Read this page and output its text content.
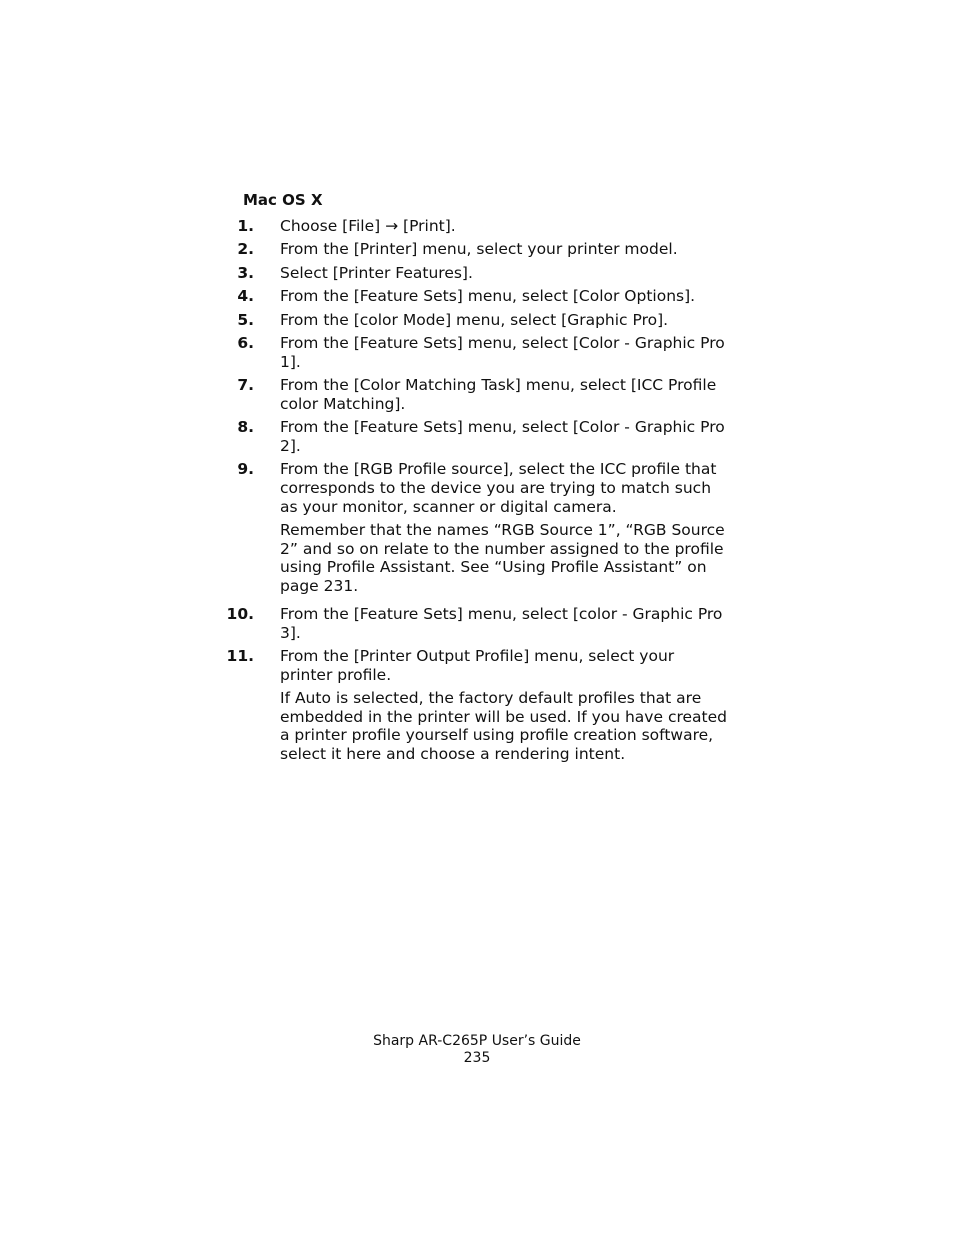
Mac OS X
1. Choose [File] → [Print].

2. From the [Printer] menu, select your printer model.

3. Select [Printer Features].

4. From the [Feature Sets] menu, select [Color Options].

5. From the [color Mode] menu, select [Graphic Pro].

6. From the [Feature Sets] menu, select [Color - Graphic Pro 1].

7. From the [Color Matching Task] menu, select [ICC Profile color Matching].

8. From the [Feature Sets] menu, select [Color - Graphic Pro 2].

9. From the [RGB Profile source], select the ICC profile that corresponds to the device you are trying to match such as your monitor, scanner or digital camera.

Remember that the names “RGB Source 1”, “RGB Source 2” and so on relate to the number assigned to the profile using Profile Assistant. See “Using Profile Assistant” on page 231.

10. From the [Feature Sets] menu, select [color - Graphic Pro 3].

11. From the [Printer Output Profile] menu, select your printer profile.

If Auto is selected, the factory default profiles that are embedded in the printer will be used. If you have created a printer profile yourself using profile creation software, select it here and choose a rendering intent.

Sharp AR-C265P User’s Guide
235
